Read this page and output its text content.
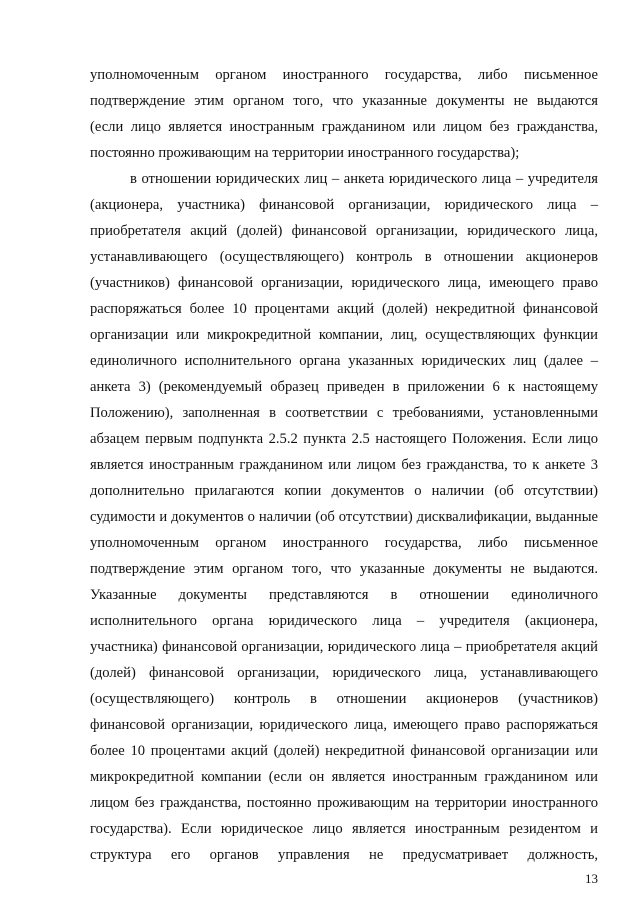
уполномоченным органом иностранного государства, либо письменное

подтверждение этим органом того, что указанные документы не выдаются

(если лицо является иностранным гражданином или лицом без гражданства,

постоянно проживающим на территории иностранного государства);

в отношении юридических лиц – анкета юридического лица – учредителя

(акционера, участника) финансовой организации, юридического лица –

приобретателя акций (долей) финансовой организации, юридического лица,

устанавливающего (осуществляющего) контроль в отношении акционеров

(участников) финансовой организации, юридического лица, имеющего право

распоряжаться более 10 процентами акций (долей) некредитной финансовой

организации или микрокредитной компании, лиц, осуществляющих функции

единоличного исполнительного органа указанных юридических лиц (далее –

анкета 3) (рекомендуемый образец приведен в приложении 6 к настоящему

Положению), заполненная в соответствии с требованиями, установленными

абзацем первым подпункта 2.5.2 пункта 2.5 настоящего Положения. Если лицо

является иностранным гражданином или лицом без гражданства, то к анкете 3

дополнительно прилагаются копии документов о наличии (об отсутствии)

судимости и документов о наличии (об отсутствии) дисквалификации, выданные

уполномоченным органом иностранного государства, либо письменное

подтверждение этим органом того, что указанные документы не выдаются.

Указанные документы представляются в отношении единоличного

исполнительного органа юридического лица – учредителя (акционера,

участника) финансовой организации, юридического лица – приобретателя акций

(долей) финансовой организации, юридического лица, устанавливающего

(осуществляющего) контроль в отношении акционеров (участников)

финансовой организации, юридического лица, имеющего право распоряжаться

более 10 процентами акций (долей) некредитной финансовой организации или

микрокредитной компании (если он является иностранным гражданином или

лицом без гражданства, постоянно проживающим на территории иностранного

государства). Если юридическое лицо является иностранным резидентом и

структура его органов управления не предусматривает должность,

13
